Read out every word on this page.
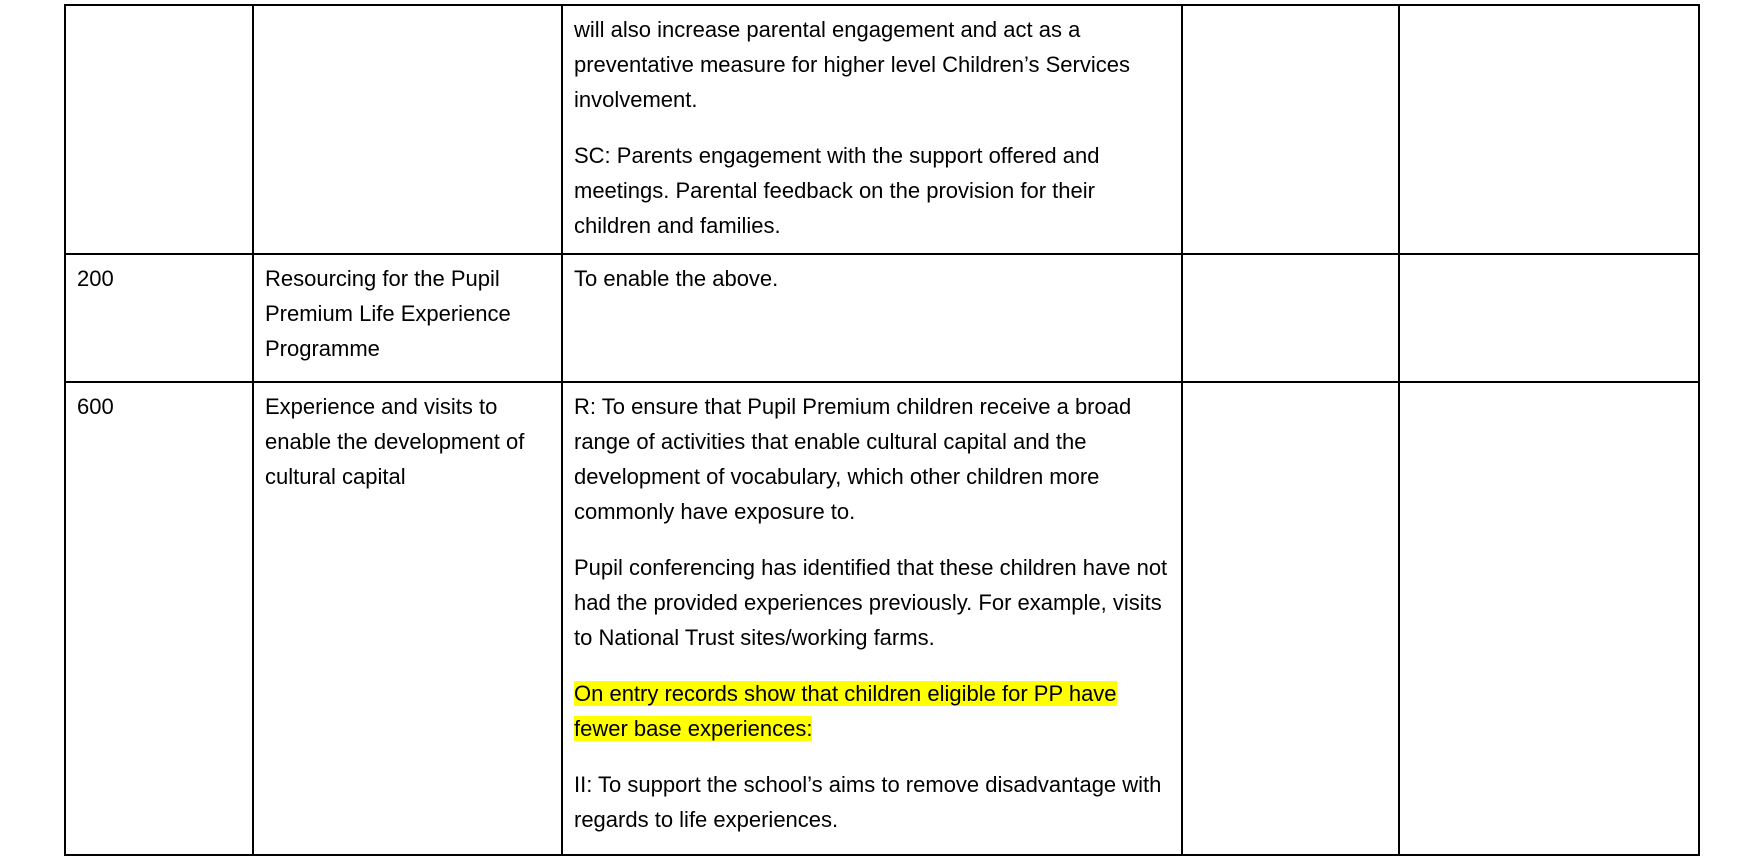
		will also increase parental engagement and act as a preventative measure for higher level Children’s Services involvement.

SC: Parents engagement with the support offered and meetings. Parental feedback on the provision for their children and families.		

200	Resourcing for the Pupil Premium Life Experience Programme	To enable the above.		

600	Experience and visits to enable the development of cultural capital	R: To ensure that Pupil Premium children receive a broad range of activities that enable cultural capital and the development of vocabulary, which other children more commonly have exposure to.

Pupil conferencing has identified that these children have not had the provided experiences previously. For example, visits to National Trust sites/working farms.

On entry records show that children eligible for PP have fewer base experiences:

II: To support the school’s aims to remove disadvantage with regards to life experiences.		
